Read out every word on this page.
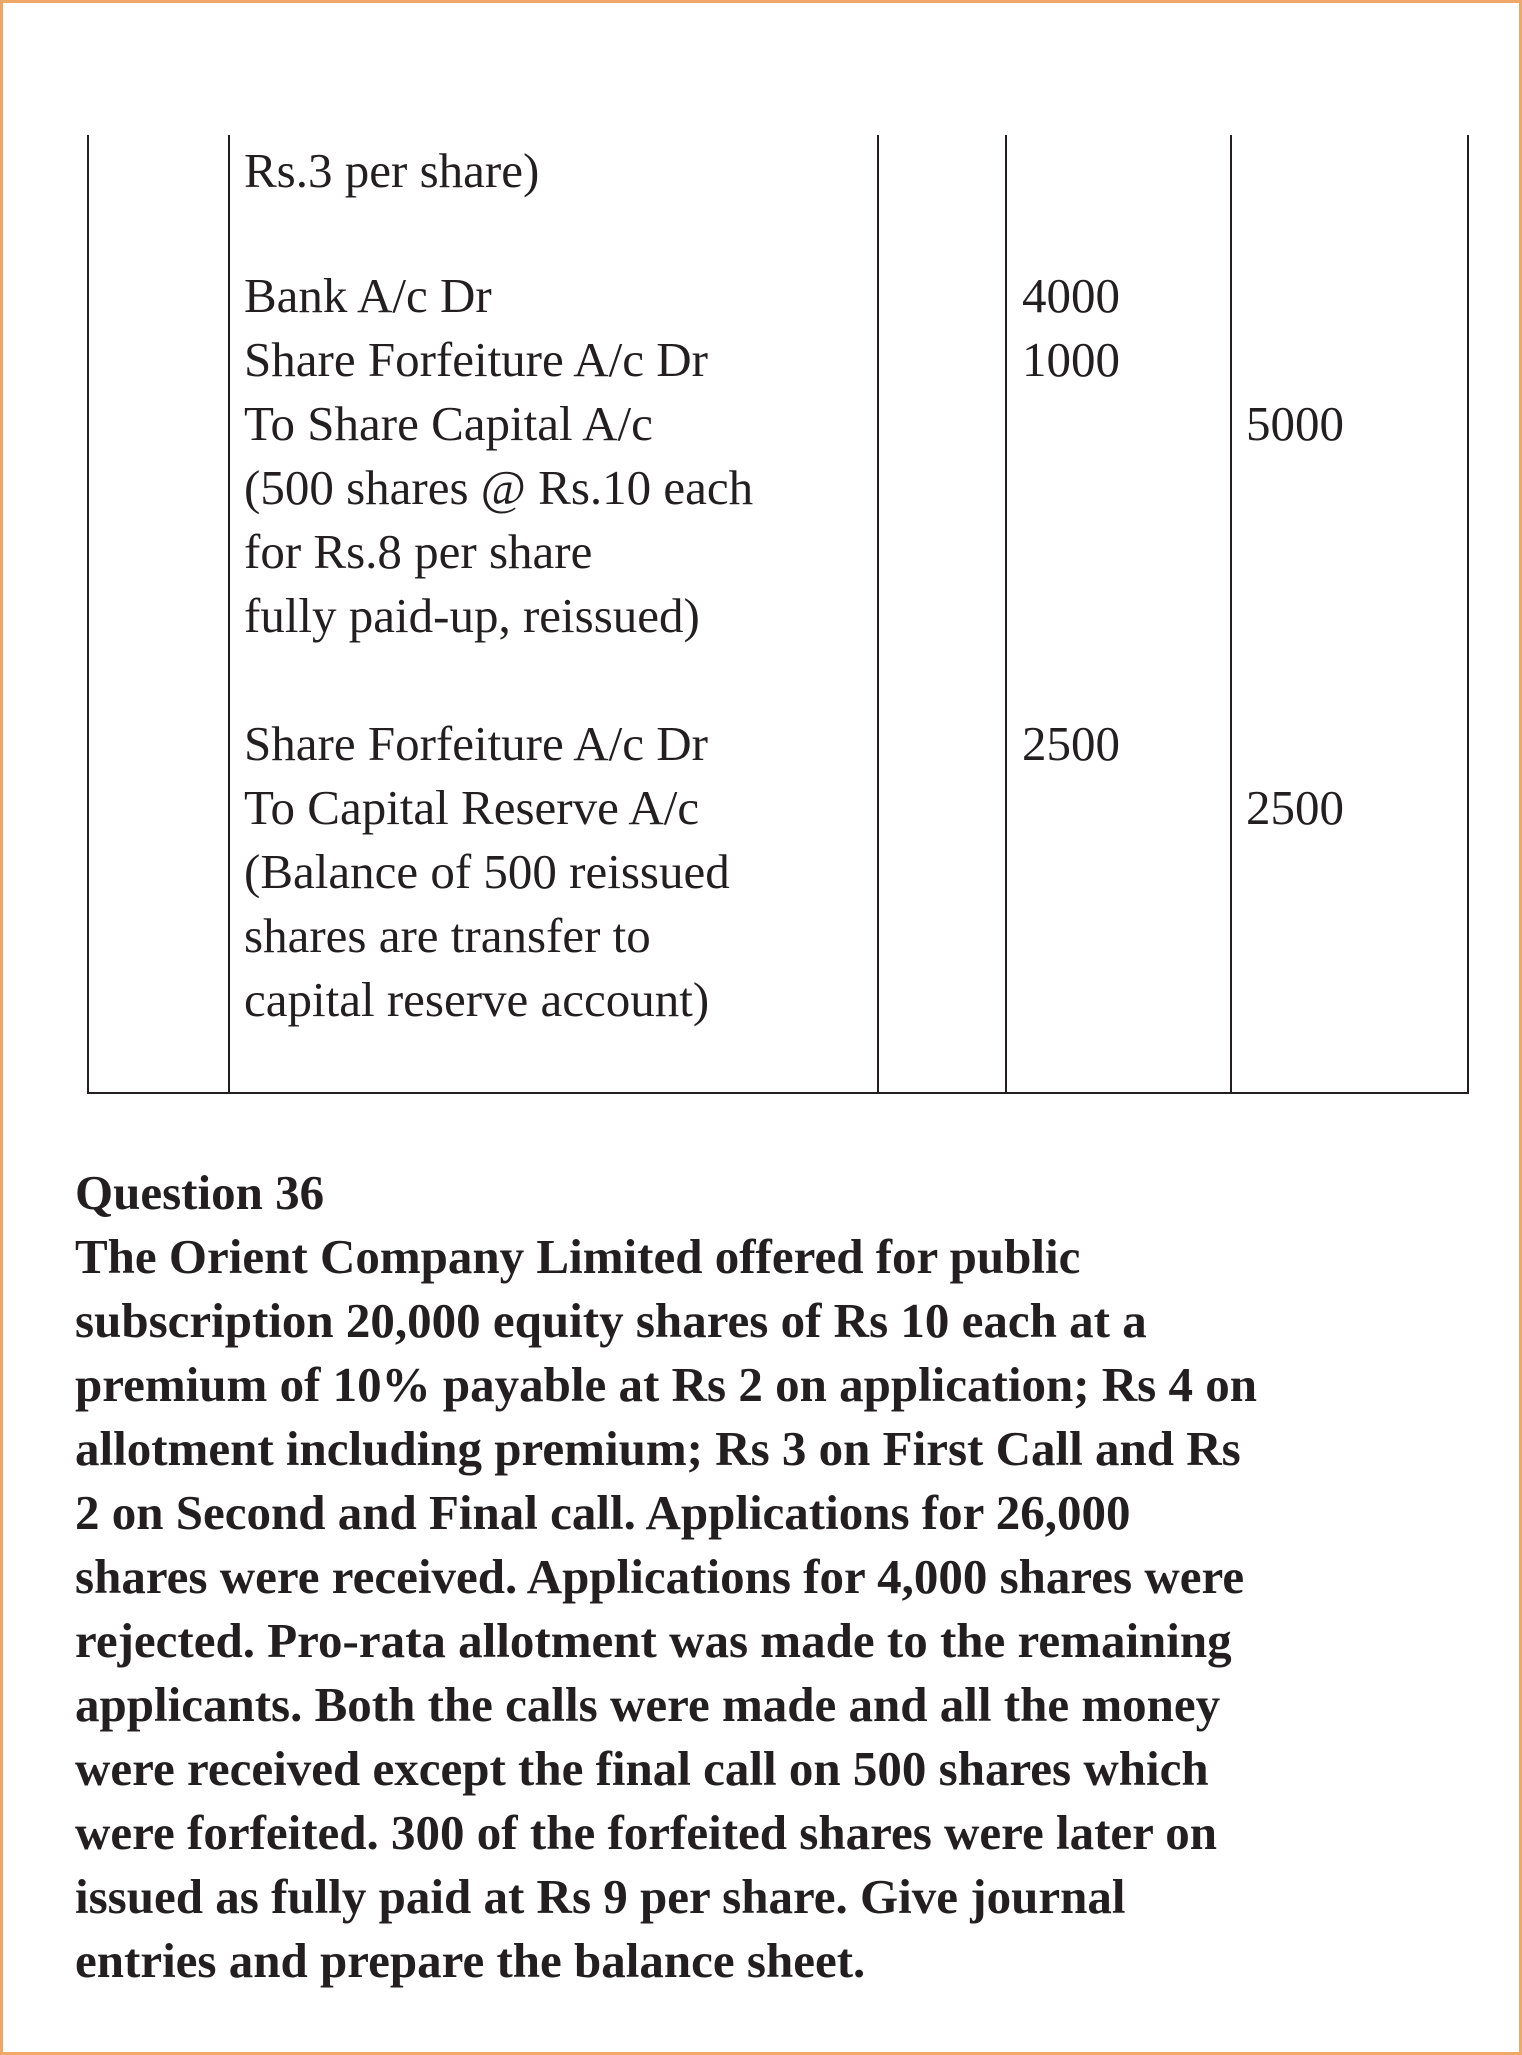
Rs.3 per share)
Bank A/c Dr
Share Forfeiture A/c Dr
To Share Capital A/c
(500 shares @ Rs.10 each
for Rs.8 per share
fully paid-up, reissued)
4000
1000
5000
Share Forfeiture A/c Dr
To Capital Reserve A/c
(Balance of 500 reissued
shares are transfer to
capital reserve account)
2500
2500
Question 36
The Orient Company Limited offered for public
subscription 20,000 equity shares of Rs 10 each at a
premium of 10% payable at Rs 2 on application; Rs 4 on
allotment including premium; Rs 3 on First Call and Rs
2 on Second and Final call. Applications for 26,000
shares were received. Applications for 4,000 shares were
rejected. Pro-rata allotment was made to the remaining
applicants. Both the calls were made and all the money
were received except the final call on 500 shares which
were forfeited. 300 of the forfeited shares were later on
issued as fully paid at Rs 9 per share. Give journal
entries and prepare the balance sheet.
